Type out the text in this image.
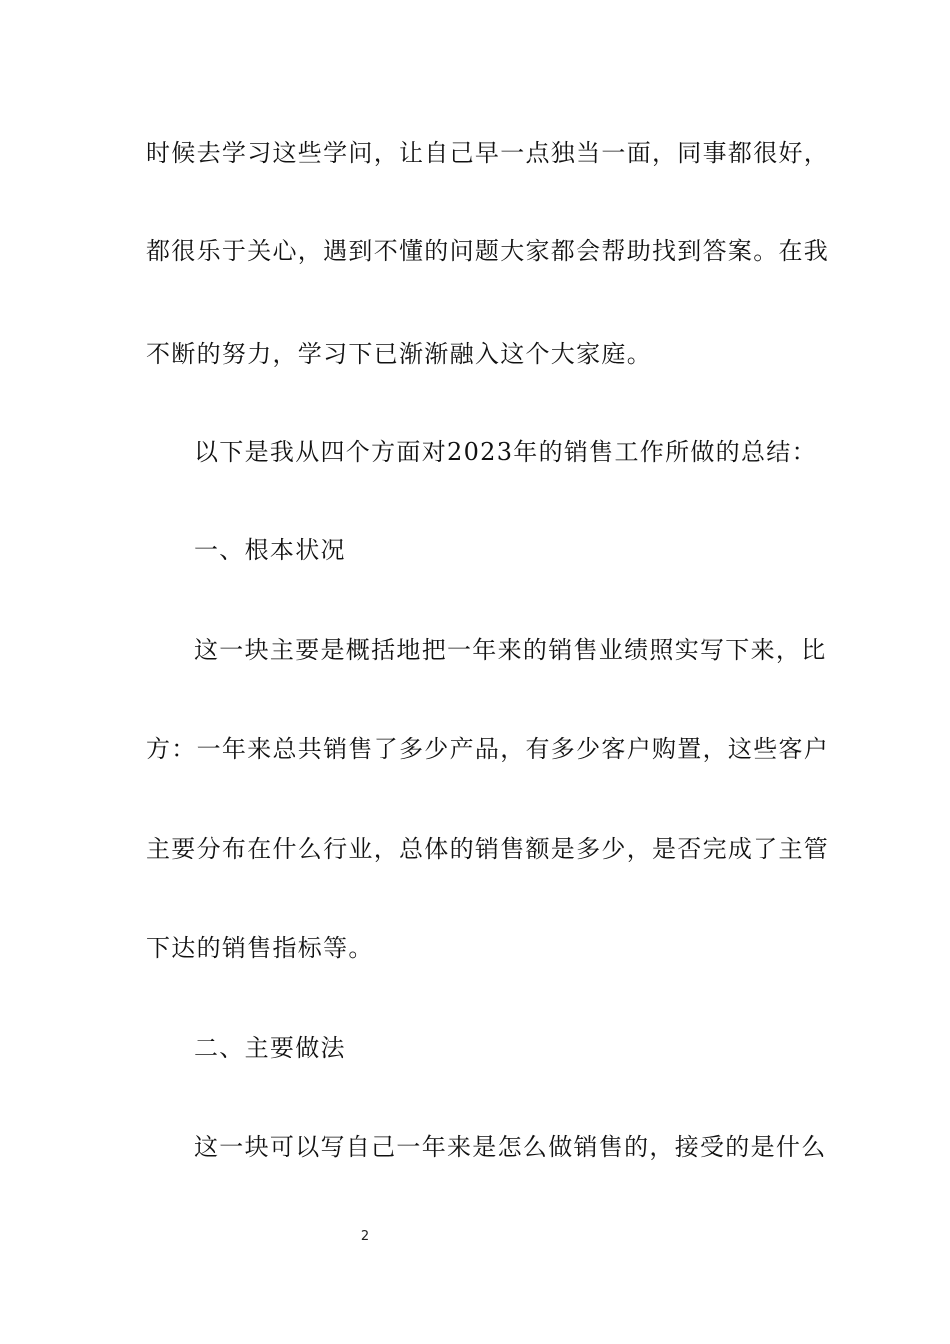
时候去学习这些学问，让自己早一点独当一面，同事都很好，
都很乐于关心，遇到不懂的问题大家都会帮助找到答案。在我
不断的努力，学习下已渐渐融入这个大家庭。
以下是我从四个方面对2023年的销售工作所做的总结：
一、根本状况
这一块主要是概括地把一年来的销售业绩照实写下来，比
方：一年来总共销售了多少产品，有多少客户购置，这些客户
主要分布在什么行业，总体的销售额是多少，是否完成了主管
下达的销售指标等。
二、主要做法
这一块可以写自己一年来是怎么做销售的，接受的是什么
2
